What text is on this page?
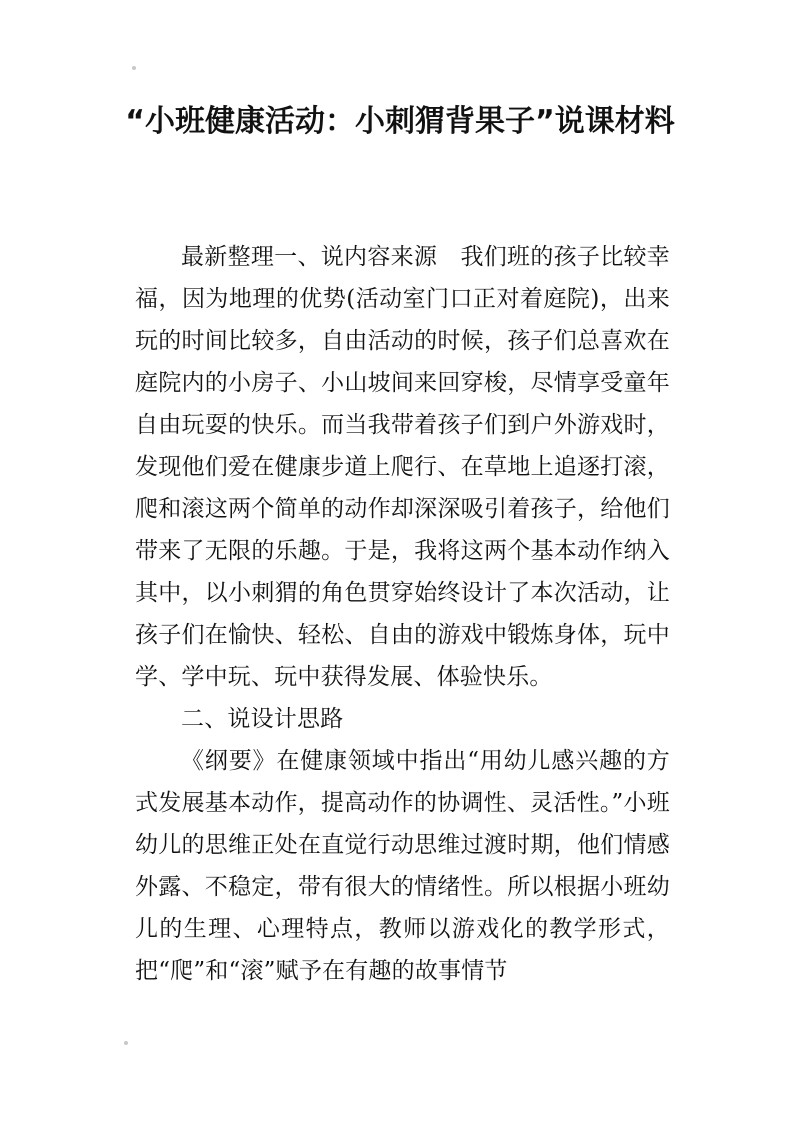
“小班健康活动：小刺猬背果子”说课材料

最新整理一、说内容来源　我们班的孩子比较幸福，因为地理的优势(活动室门口正对着庭院)，出来玩的时间比较多，自由活动的时候，孩子们总喜欢在庭院内的小房子、小山坡间来回穿梭，尽情享受童年自由玩耍的快乐。而当我带着孩子们到户外游戏时，发现他们爱在健康步道上爬行、在草地上追逐打滚，爬和滚这两个简单的动作却深深吸引着孩子，给他们带来了无限的乐趣。于是，我将这两个基本动作纳入其中，以小刺猬的角色贯穿始终设计了本次活动，让孩子们在愉快、轻松、自由的游戏中锻炼身体，玩中学、学中玩、玩中获得发展、体验快乐。

二、说设计思路

《纲要》在健康领域中指出“用幼儿感兴趣的方式发展基本动作，提高动作的协调性、灵活性。”小班幼儿的思维正处在直觉行动思维过渡时期，他们情感外露、不稳定，带有很大的情绪性。所以根据小班幼儿的生理、心理特点，教师以游戏化的教学形式，把“爬”和“滚”赋予在有趣的故事情节
